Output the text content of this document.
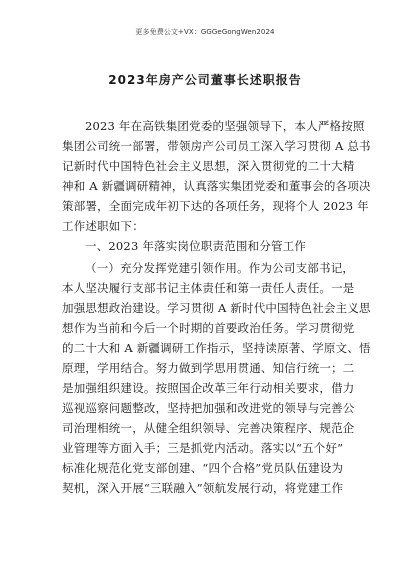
更多免费公文+VX：GGGeGongWen2024
2023年房产公司董事长述职报告
2023 年在高铁集团党委的坚强领导下，本人严格按照
集团公司统一部署，带领房产公司员工深入学习贯彻 A 总书
记新时代中国特色社会主义思想，深入贯彻党的二十大精
神和 A 新疆调研精神，认真落实集团党委和董事会的各项决
策部署，全面完成年初下达的各项任务，现将个人 2023 年
工作述职如下：
一、2023 年落实岗位职责范围和分管工作
（一）充分发挥党建引领作用。作为公司支部书记，
本人坚决履行支部书记主体责任和第一责任人责任。一是
加强思想政治建设。学习贯彻 A 新时代中国特色社会主义思
想作为当前和今后一个时期的首要政治任务。学习贯彻党
的二十大和 A 新疆调研工作指示，坚持读原著、学原文、悟
原理，学用结合。努力做到学思用贯通、知信行统一；二
是加强组织建设。按照国企改革三年行动相关要求，借力
巡视巡察问题整改，坚持把加强和改进党的领导与完善公
司治理相统一，从健全组织领导、完善决策程序、规范企
业管理等方面入手；三是抓党内活动。落实以“五个好”
标准化规范化党支部创建、“四个合格”党员队伍建设为
契机，深入开展“三联融入”领航发展行动，将党建工作
